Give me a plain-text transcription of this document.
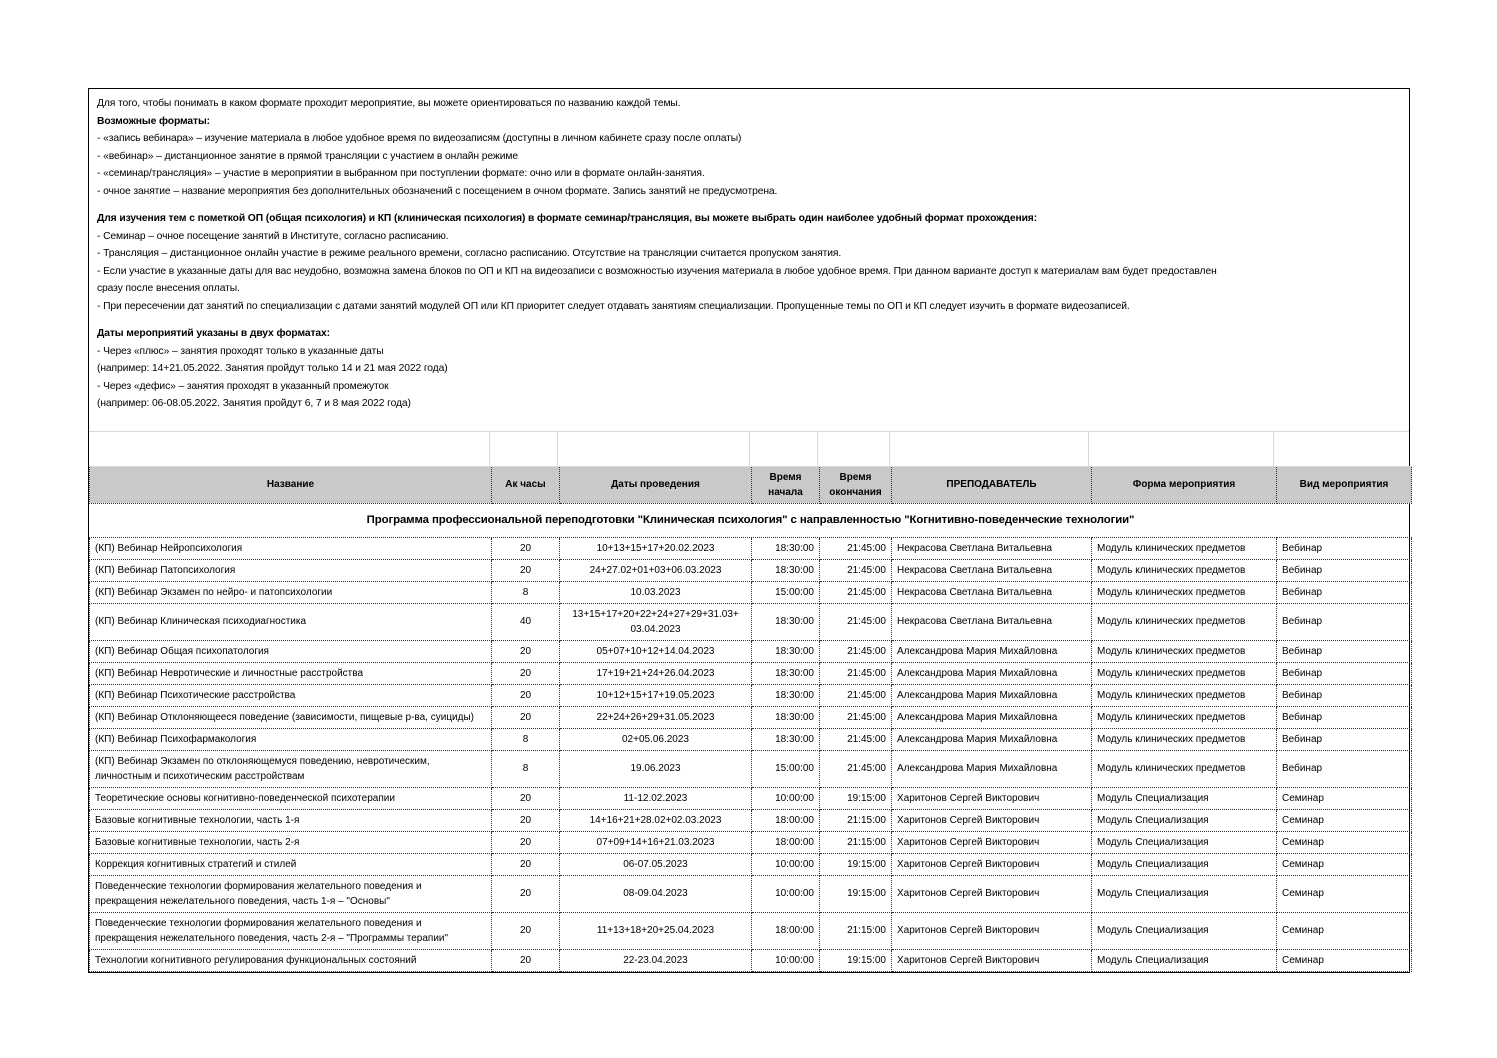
Для того, чтобы понимать в каком формате проходит мероприятие, вы можете ориентироваться по названию каждой темы.
Возможные форматы:
- «запись вебинара» – изучение материала в любое удобное время по видеозаписям (доступны в личном кабинете сразу после оплаты)
- «вебинар» – дистанционное занятие в прямой трансляции с участием в онлайн режиме
- «семинар/трансляция» – участие в мероприятии в выбранном при поступлении формате: очно или в формате онлайн-занятия.
- очное занятие – название мероприятия без дополнительных обозначений с посещением в очном формате. Запись занятий не предусмотрена.
Для изучения тем с пометкой ОП (общая психология) и КП (клиническая психология) в формате семинар/трансляция, вы можете выбрать один наиболее удобный формат прохождения:
- Семинар – очное посещение занятий в Институте, согласно расписанию.
- Трансляция – дистанционное онлайн участие в режиме реального времени, согласно расписанию. Отсутствие на трансляции считается пропуском занятия.
- Если участие в указанные даты для вас неудобно, возможна замена блоков по ОП и КП на видеозаписи с возможностью изучения материала в любое удобное время. При данном варианте доступ к материалам вам будет предоставлен
сразу после внесения оплаты.
- При пересечении дат занятий по специализации с датами занятий модулей ОП или КП приоритет следует отдавать занятиям специализации. Пропущенные темы по ОП и КП следует изучить в формате видеозаписей.
Даты мероприятий указаны в двух форматах:
- Через «плюс» – занятия проходят только в указанные даты
(например: 14+21.05.2022. Занятия пройдут только 14 и 21 мая 2022 года)
- Через «дефис» – занятия проходят в указанный промежуток
(например: 06-08.05.2022. Занятия пройдут 6, 7 и 8 мая 2022 года)
Программа профессиональной переподготовки "Клиническая психология" с направленностью "Когнитивно-поведенческие технологии"							
Название	Ак часы	Даты проведения	Время начала	Время окончания	ПРЕПОДАВАТЕЛЬ	Форма мероприятия	Вид мероприятия
(КП) Вебинар Нейропсихология	20	10+13+15+17+20.02.2023	18:30:00	21:45:00	Некрасова Светлана Витальевна	Модуль клинических предметов	Вебинар
(КП) Вебинар Патопсихология	20	24+27.02+01+03+06.03.2023	18:30:00	21:45:00	Некрасова Светлана Витальевна	Модуль клинических предметов	Вебинар
(КП) Вебинар Экзамен по нейро- и патопсихологии	8	10.03.2023	15:00:00	21:45:00	Некрасова Светлана Витальевна	Модуль клинических предметов	Вебинар
(КП) Вебинар Клиническая психодиагностика	40	13+15+17+20+22+24+27+29+31.03+ 03.04.2023	18:30:00	21:45:00	Некрасова Светлана Витальевна	Модуль клинических предметов	Вебинар
(КП) Вебинар Общая психопатология	20	05+07+10+12+14.04.2023	18:30:00	21:45:00	Александрова Мария Михайловна	Модуль клинических предметов	Вебинар
(КП) Вебинар Невротические и личностные расстройства	20	17+19+21+24+26.04.2023	18:30:00	21:45:00	Александрова Мария Михайловна	Модуль клинических предметов	Вебинар
(КП) Вебинар Психотические расстройства	20	10+12+15+17+19.05.2023	18:30:00	21:45:00	Александрова Мария Михайловна	Модуль клинических предметов	Вебинар
(КП) Вебинар Отклоняющееся поведение (зависимости, пищевые р-ва, суициды)	20	22+24+26+29+31.05.2023	18:30:00	21:45:00	Александрова Мария Михайловна	Модуль клинических предметов	Вебинар
(КП) Вебинар Психофармакология	8	02+05.06.2023	18:30:00	21:45:00	Александрова Мария Михайловна	Модуль клинических предметов	Вебинар
(КП) Вебинар Экзамен по отклоняющемуся поведению, невротическим, личностным и психотическим расстройствам	8	19.06.2023	15:00:00	21:45:00	Александрова Мария Михайловна	Модуль клинических предметов	Вебинар
Теоретические основы когнитивно-поведенческой психотерапии	20	11-12.02.2023	10:00:00	19:15:00	Харитонов Сергей Викторович	Модуль Специализация	Семинар
Базовые когнитивные технологии, часть 1-я	20	14+16+21+28.02+02.03.2023	18:00:00	21:15:00	Харитонов Сергей Викторович	Модуль Специализация	Семинар
Базовые когнитивные технологии, часть 2-я	20	07+09+14+16+21.03.2023	18:00:00	21:15:00	Харитонов Сергей Викторович	Модуль Специализация	Семинар
Коррекция когнитивных стратегий и стилей	20	06-07.05.2023	10:00:00	19:15:00	Харитонов Сергей Викторович	Модуль Специализация	Семинар
Поведенческие технологии формирования желательного поведения и прекращения нежелательного поведения, часть 1-я – "Основы"	20	08-09.04.2023	10:00:00	19:15:00	Харитонов Сергей Викторович	Модуль Специализация	Семинар
Поведенческие технологии формирования желательного поведения и прекращения нежелательного поведения, часть 2-я – "Программы терапии"	20	11+13+18+20+25.04.2023	18:00:00	21:15:00	Харитонов Сергей Викторович	Модуль Специализация	Семинар
Технологии когнитивного регулирования функциональных состояний	20	22-23.04.2023	10:00:00	19:15:00	Харитонов Сергей Викторович	Модуль Специализация	Семинар
